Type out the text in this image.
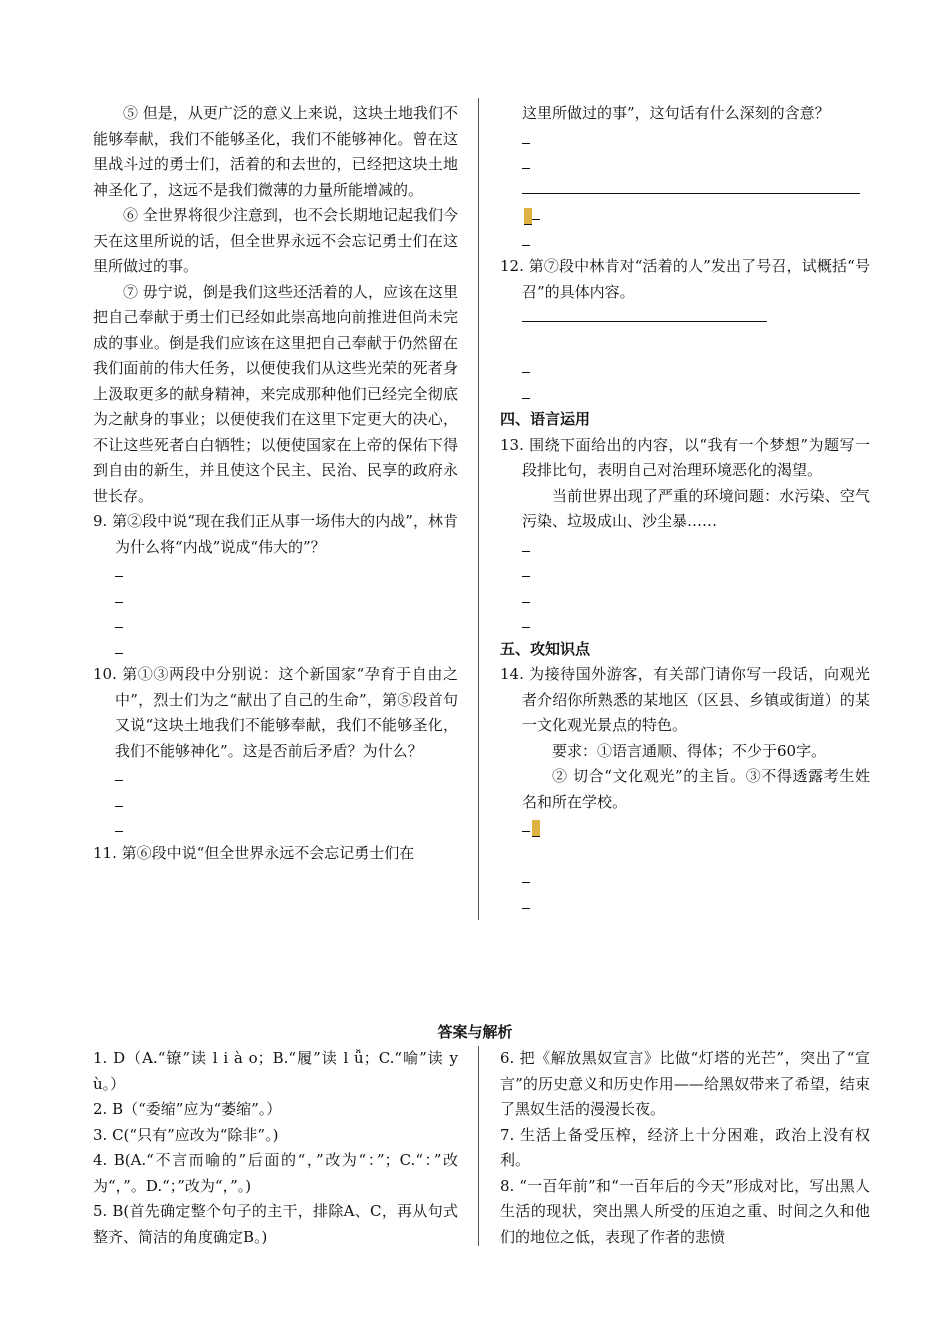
⑤ 但是，从更广泛的意义上来说，这块土地我们不能够奉献，我们不能够圣化，我们不能够神化。曾在这里战斗过的勇士们，活着的和去世的，已经把这块土地神圣化了，这远不是我们微薄的力量所能增减的。

⑥ 全世界将很少注意到，也不会长期地记起我们今天在这里所说的话，但全世界永远不会忘记勇士们在这里所做过的事。

⑦ 毋宁说，倒是我们这些还活着的人，应该在这里把自己奉献于勇士们已经如此崇高地向前推进但尚未完成的事业。倒是我们应该在这里把自己奉献于仍然留在我们面前的伟大任务，以便使我们从这些光荣的死者身上汲取更多的献身精神，来完成那种他们已经完全彻底为之献身的事业；以便使我们在这里下定更大的决心，不让这些死者白白牺牲；以便使国家在上帝的保佑下得到自由的新生，并且使这个民主、民治、民享的政府永世长存。

9. 第②段中说“现在我们正从事一场伟大的内战”，林肯为什么将“内战”说成“伟大的”？

10. 第①③两段中分别说：这个新国家“孕育于自由之中”，烈士们为之“献出了自己的生命”，第⑤段首句又说“这块土地我们不能够奉献，我们不能够圣化，我们不能够神化”。这是否前后矛盾？为什么？

11. 第⑥段中说“但全世界永远不会忘记勇士们在

这里所做过的事”，这句话有什么深刻的含意？

12. 第⑦段中林肯对“活着的人”发出了号召，试概括“号召”的具体内容。

四、语言运用

13. 围绕下面给出的内容，以“我有一个梦想”为题写一段排比句，表明自己对治理环境恶化的渴望。

当前世界出现了严重的环境问题：水污染、空气污染、垃圾成山、沙尘暴……

五、攻知识点

14. 为接待国外游客，有关部门请你写一段话，向观光者介绍你所熟悉的某地区（区县、乡镇或街道）的某一文化观光景点的特色。

要求：①语言通顺、得体；不少于60字。

② 切合“文化观光”的主旨。③不得透露考生姓名和所在学校。

答案与解析

1. D（A.“镣”读 l i à o；B.“履”读 l ǚ；C.“喻”读 y ù。）

2. B（“委缩”应为“萎缩”。）

3. C(“只有”应改为“除非”。)

4. B(A.“不言而喻的”后面的“，”改为“：”；C.“：”改为“，”。D.“；”改为“，”。)

5. B(首先确定整个句子的主干，排除A、C，再从句式整齐、简洁的角度确定B。)

6. 把《解放黑奴宣言》比做“灯塔的光芒”，突出了“宣言”的历史意义和历史作用——给黑奴带来了希望，结束了黑奴生活的漫漫长夜。

7. 生活上备受压榨，经济上十分困难，政治上没有权利。

8. “一百年前”和“一百年后的今天”形成对比，写出黑人生活的现状，突出黑人所受的压迫之重、时间之久和他们的地位之低，表现了作者的悲愤
